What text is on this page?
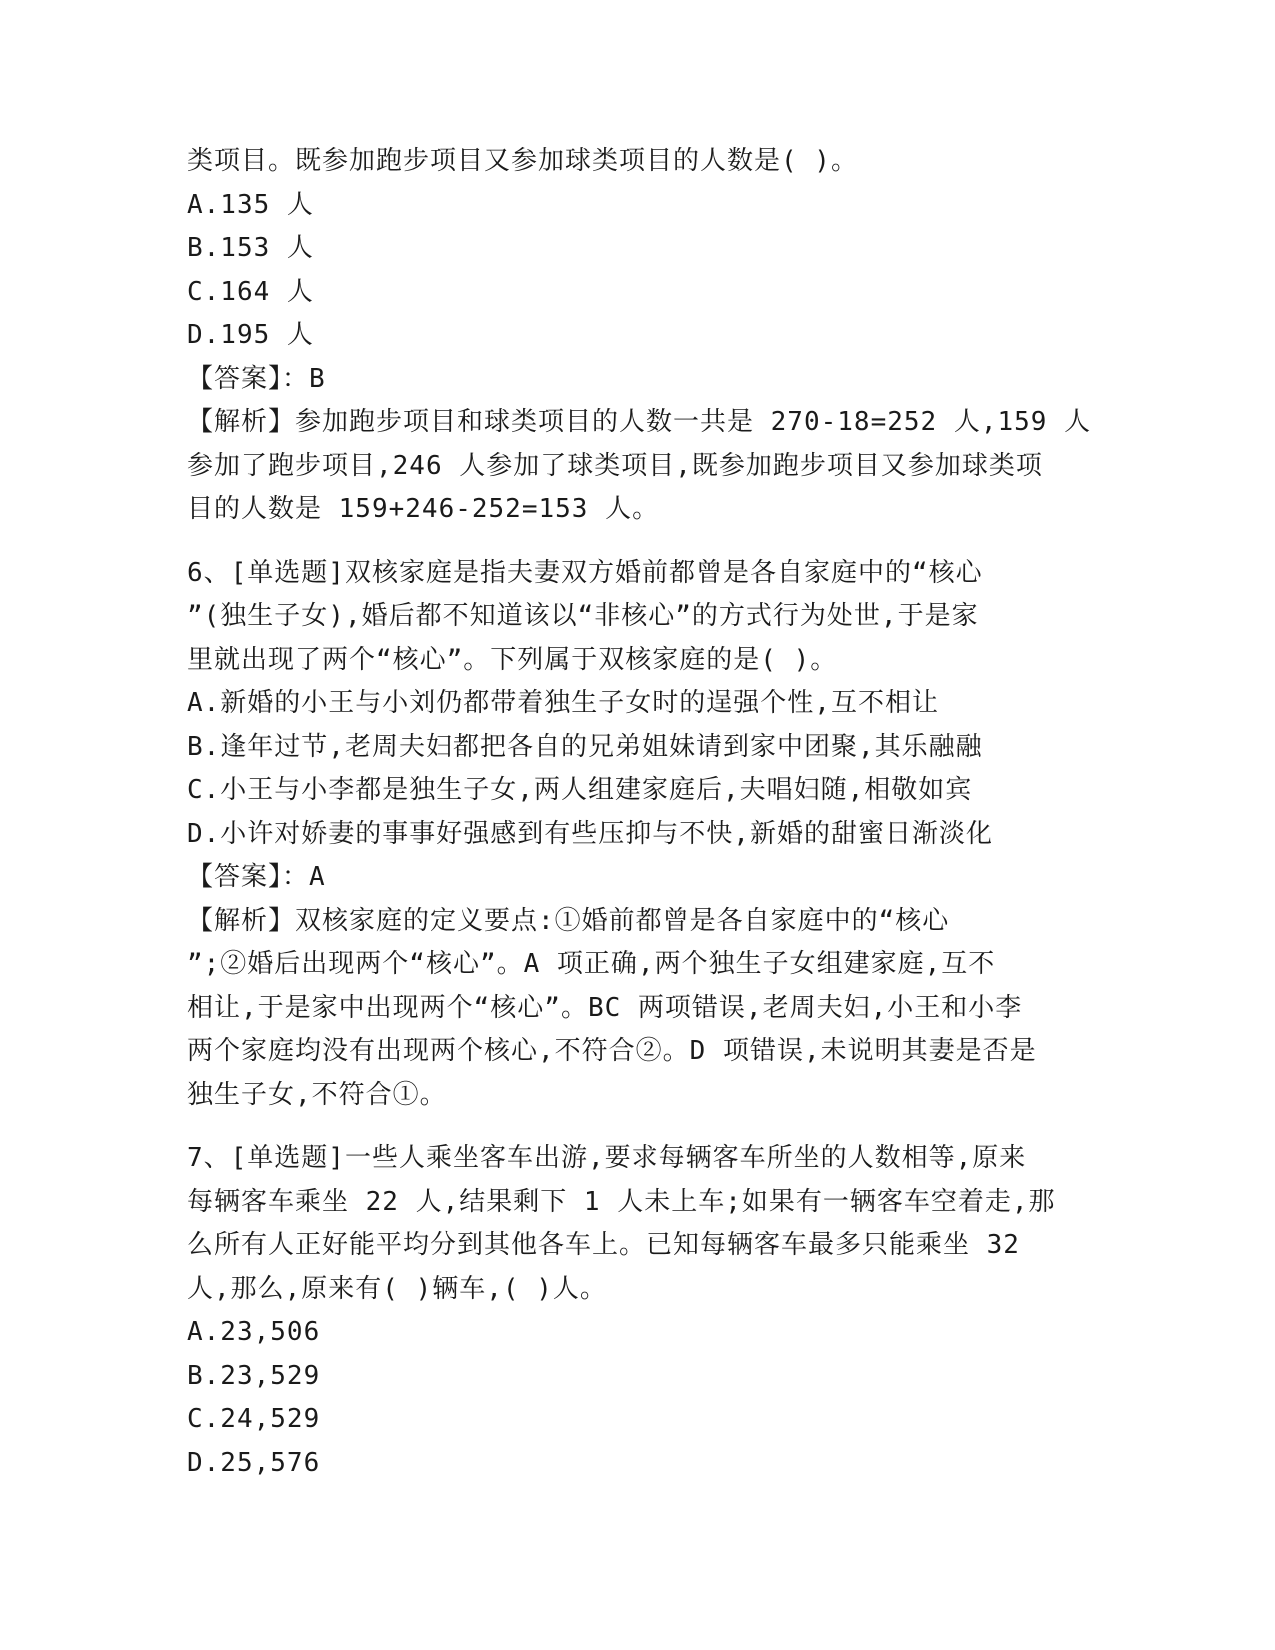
类项目。既参加跑步项目又参加球类项目的人数是( )。
A.135 人
B.153 人
C.164 人
D.195 人
【答案】：B
【解析】参加跑步项目和球类项目的人数一共是 270-18=252 人,159 人
参加了跑步项目,246 人参加了球类项目,既参加跑步项目又参加球类项
目的人数是 159+246-252=153 人。
6、[单选题]双核家庭是指夫妻双方婚前都曾是各自家庭中的“核心
”(独生子女),婚后都不知道该以“非核心”的方式行为处世,于是家
里就出现了两个“核心”。下列属于双核家庭的是( )。
A.新婚的小王与小刘仍都带着独生子女时的逞强个性,互不相让
B.逢年过节,老周夫妇都把各自的兄弟姐妹请到家中团聚,其乐融融
C.小王与小李都是独生子女,两人组建家庭后,夫唱妇随,相敬如宾
D.小许对娇妻的事事好强感到有些压抑与不快,新婚的甜蜜日渐淡化
【答案】：A
【解析】双核家庭的定义要点:①婚前都曾是各自家庭中的“核心
”;②婚后出现两个“核心”。A 项正确,两个独生子女组建家庭,互不
相让,于是家中出现两个“核心”。BC 两项错误,老周夫妇,小王和小李
两个家庭均没有出现两个核心,不符合②。D 项错误,未说明其妻是否是
独生子女,不符合①。
7、[单选题]一些人乘坐客车出游,要求每辆客车所坐的人数相等,原来
每辆客车乘坐 22 人,结果剩下 1 人未上车;如果有一辆客车空着走,那
么所有人正好能平均分到其他各车上。已知每辆客车最多只能乘坐 32
人,那么,原来有( )辆车,( )人。
A.23,506
B.23,529
C.24,529
D.25,576
